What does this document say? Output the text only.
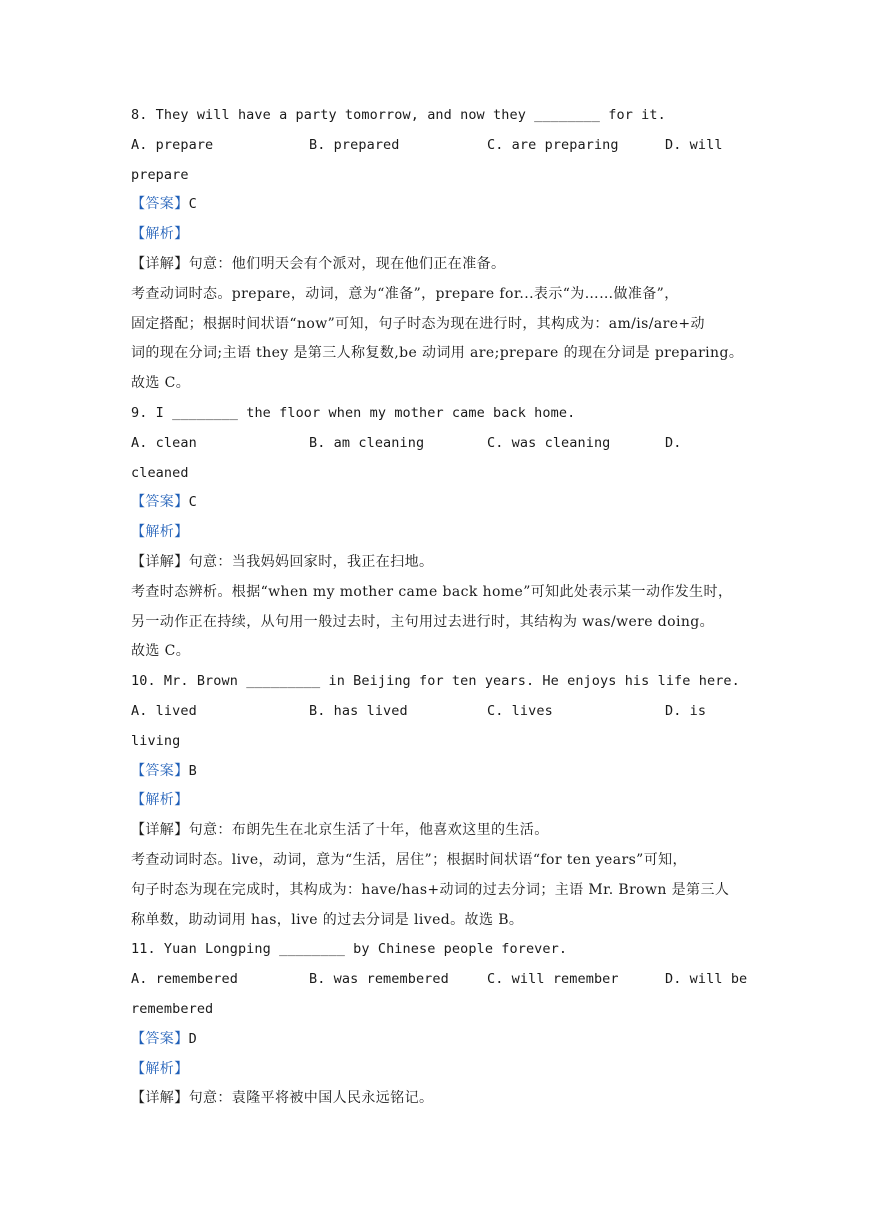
8. They will have a party tomorrow, and now they ________ for it.
A. prepare	B. prepared	C. are preparing	D. will
prepare
【答案】C
【解析】
【详解】句意：他们明天会有个派对，现在他们正在准备。
考查动词时态。prepare，动词，意为“准备”，prepare for...表示“为……做准备”，
固定搭配；根据时间状语“now”可知，句子时态为现在进行时，其构成为：am/is/are+动
词的现在分词;主语 they 是第三人称复数,be 动词用 are;prepare 的现在分词是 preparing。
故选 C。
9. I ________ the floor when my mother came back home.
A. clean	B. am cleaning	C. was cleaning	D.
cleaned
【答案】C
【解析】
【详解】句意：当我妈妈回家时，我正在扫地。
考查时态辨析。根据“when my mother came back home”可知此处表示某一动作发生时，
另一动作正在持续，从句用一般过去时，主句用过去进行时，其结构为 was/were doing。
故选 C。
10. Mr. Brown _________ in Beijing for ten years. He enjoys his life here.
A. lived	B. has lived	C. lives	D. is
living
【答案】B
【解析】
【详解】句意：布朗先生在北京生活了十年，他喜欢这里的生活。
考查动词时态。live，动词，意为“生活，居住”；根据时间状语“for ten years”可知，
句子时态为现在完成时，其构成为：have/has+动词的过去分词；主语 Mr. Brown 是第三人
称单数，助动词用 has，live 的过去分词是 lived。故选 B。
11. Yuan Longping ________ by Chinese people forever.
A. remembered	B. was remembered	C. will remember	D. will be
remembered
【答案】D
【解析】
【详解】句意：袁隆平将被中国人民永远铭记。
